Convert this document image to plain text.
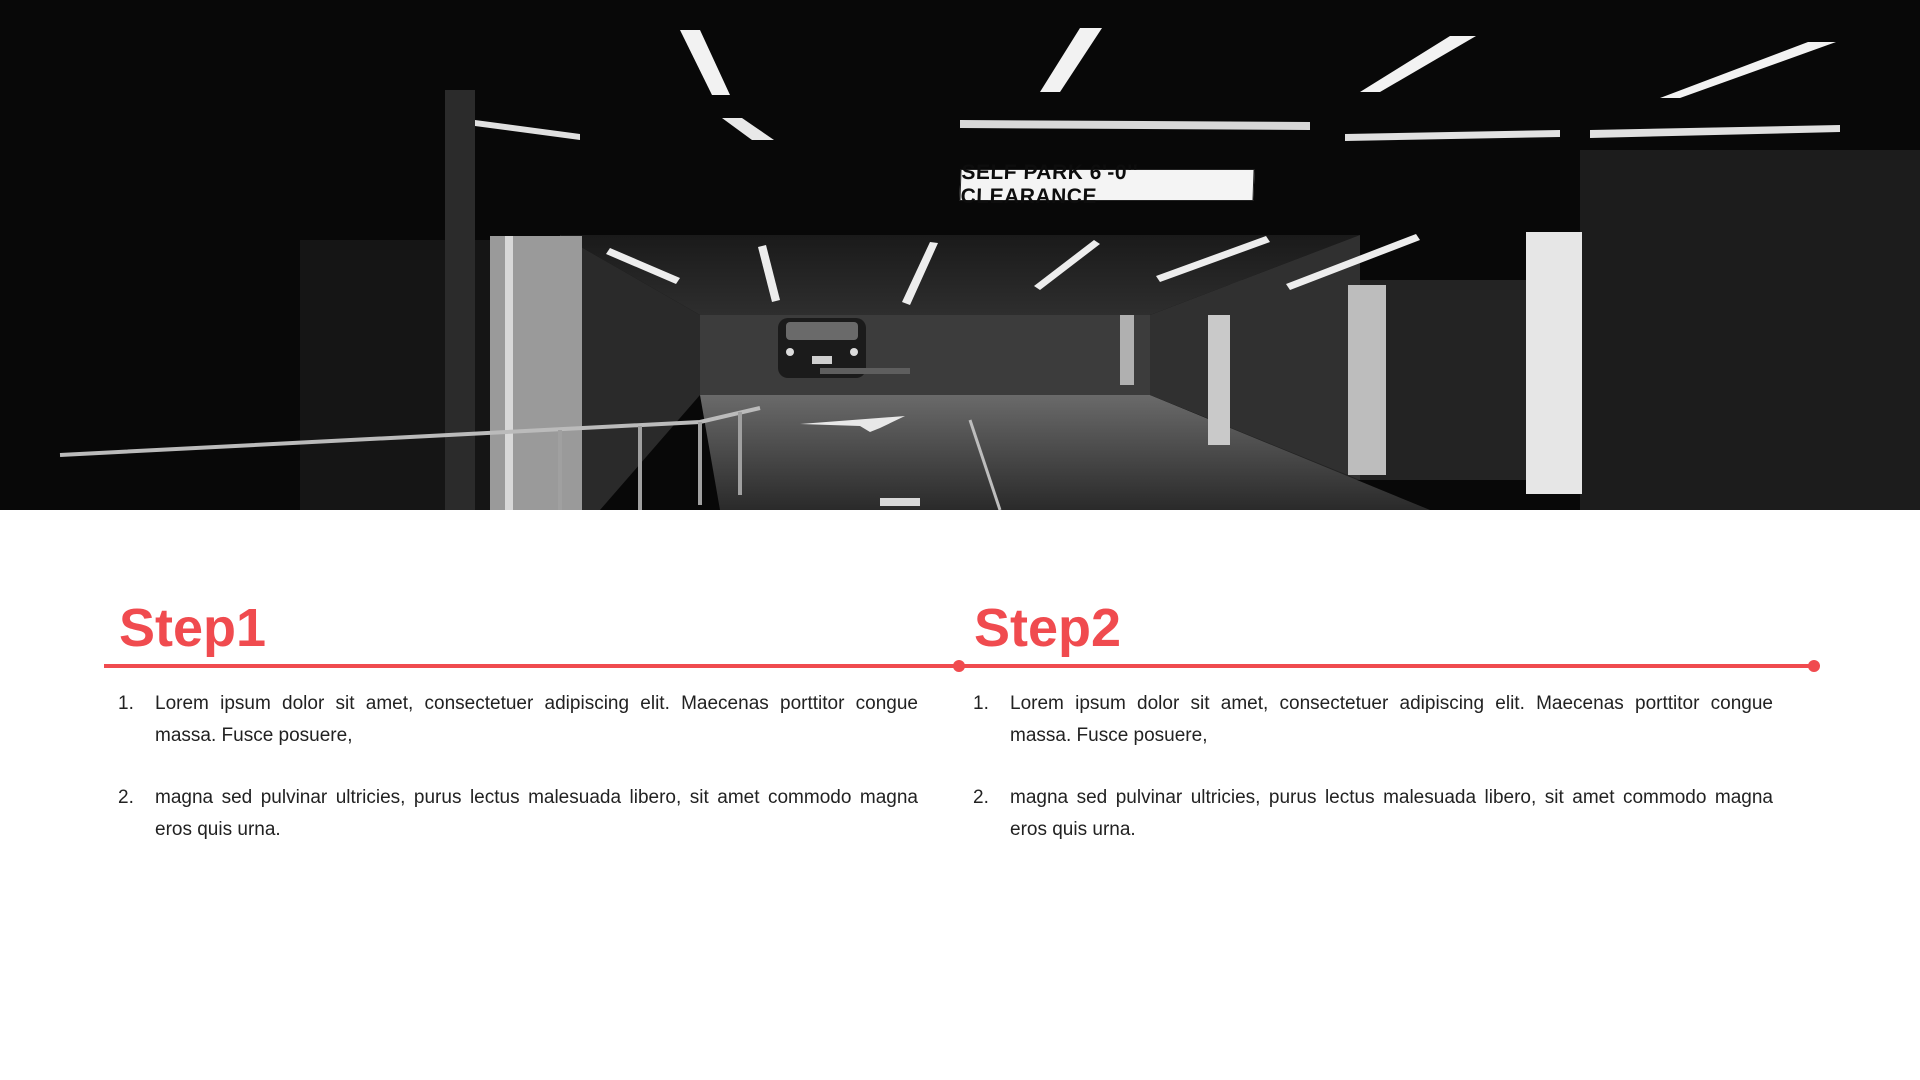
SELF PARK 6'-0'' CLEARANCE
Step1	Step2
1. Lorem ipsum dolor sit amet, consectetuer adipiscing elit. Maecenas porttitor congue massa. Fusce posuere,
2. magna sed pulvinar ultricies, purus lectus malesuada libero, sit amet commodo magna eros quis urna.
1. Lorem ipsum dolor sit amet, consectetuer adipiscing elit. Maecenas porttitor congue massa. Fusce posuere,
2. magna sed pulvinar ultricies, purus lectus malesuada libero, sit amet commodo magna eros quis urna.
